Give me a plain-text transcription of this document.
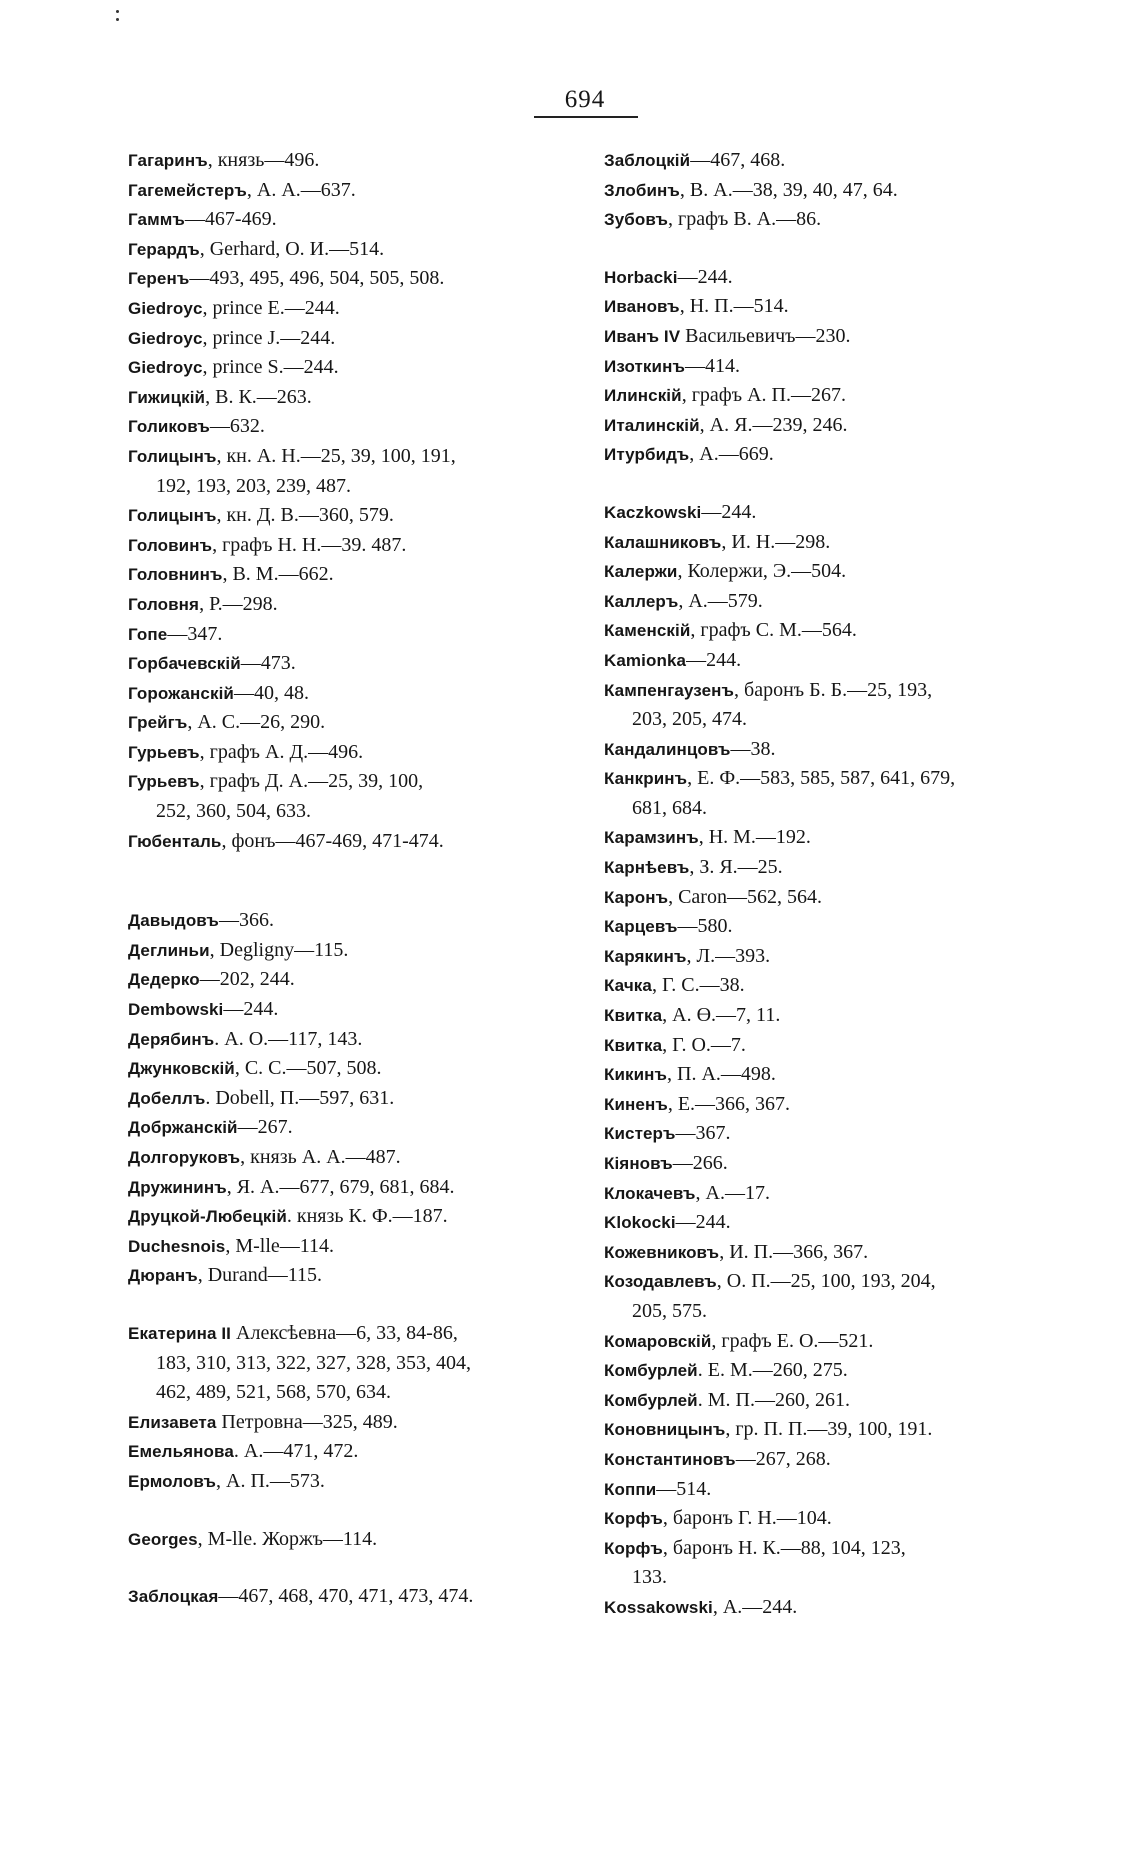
694
Гагаринъ, князь—496.
Гагемейстеръ, А. А.—637.
Гаммъ—467-469.
Герардъ, Gerhard, О. И.—514.
Геренъ—493, 495, 496, 504, 505, 508.
Giedroyc, prince E.—244.
Giedroyc, prince J.—244.
Giedroyc, prince S.—244.
Гижицкій, В. К.—263.
Голиковъ—632.
Голицынъ, кн. А. Н.—25, 39, 100, 191,
192, 193, 203, 239, 487.
Голицынъ, кн. Д. В.—360, 579.
Головинъ, графъ Н. Н.—39. 487.
Головнинъ, В. М.—662.
Головня, Р.—298.
Гопе—347.
Горбачевскій—473.
Горожанскій—40, 48.
Грейгъ, А. С.—26, 290.
Гурьевъ, графъ А. Д.—496.
Гурьевъ, графъ Д. А.—25, 39, 100,
252, 360, 504, 633.
Гюбенталь, фонъ—467-469, 471-474.
Давыдовъ—366.
Деглиньи, Degligny—115.
Дедерко—202, 244.
Dembowski—244.
Дерябинъ. А. О.—117, 143.
Джунковскій, С. С.—507, 508.
Добеллъ. Dobell, П.—597, 631.
Добржанскій—267.
Долгоруковъ, князь А. А.—487.
Дружининъ, Я. А.—677, 679, 681, 684.
Друцкой-Любецкій. князь К. Ф.—187.
Duchesnois, M-lle—114.
Дюранъ, Durand—115.
Екатерина II Алексѣевна—6, 33, 84-86,
183, 310, 313, 322, 327, 328, 353, 404,
462, 489, 521, 568, 570, 634.
Елизавета Петровна—325, 489.
Емельянова. А.—471, 472.
Ермоловъ, А. П.—573.
Georges, M-lle. Жоржъ—114.
Заблоцкая—467, 468, 470, 471, 473, 474.
Заблоцкій—467, 468.
Злобинъ, В. А.—38, 39, 40, 47, 64.
Зубовъ, графъ В. А.—86.
Horbacki—244.
Ивановъ, Н. П.—514.
Иванъ IV Васильевичъ—230.
Изоткинъ—414.
Илинскій, графъ А. П.—267.
Италинскій, А. Я.—239, 246.
Итурбидъ, А.—669.
Kaczkowski—244.
Калашниковъ, И. Н.—298.
Калержи, Колержи, Э.—504.
Каллеръ, А.—579.
Каменскій, графъ С. М.—564.
Kamionka—244.
Кампенгаузенъ, баронъ Б. Б.—25, 193,
203, 205, 474.
Кандалинцовъ—38.
Канкринъ, Е. Ф.—583, 585, 587, 641, 679,
681, 684.
Карамзинъ, Н. М.—192.
Карнѣевъ, З. Я.—25.
Каронъ, Caron—562, 564.
Карцевъ—580.
Карякинъ, Л.—393.
Качка, Г. С.—38.
Квитка, А. Ө.—7, 11.
Квитка, Г. О.—7.
Кикинъ, П. А.—498.
Киненъ, Е.—366, 367.
Кистеръ—367.
Кіяновъ—266.
Клокачевъ, А.—17.
Klokocki—244.
Кожевниковъ, И. П.—366, 367.
Козодавлевъ, О. П.—25, 100, 193, 204,
205, 575.
Комаровскій, графъ Е. О.—521.
Комбурлей. Е. М.—260, 275.
Комбурлей. М. П.—260, 261.
Коновницынъ, гр. П. П.—39, 100, 191.
Константиновъ—267, 268.
Коппи—514.
Корфъ, баронъ Г. Н.—104.
Корфъ, баронъ Н. К.—88, 104, 123,
133.
Kossakowski, А.—244.
